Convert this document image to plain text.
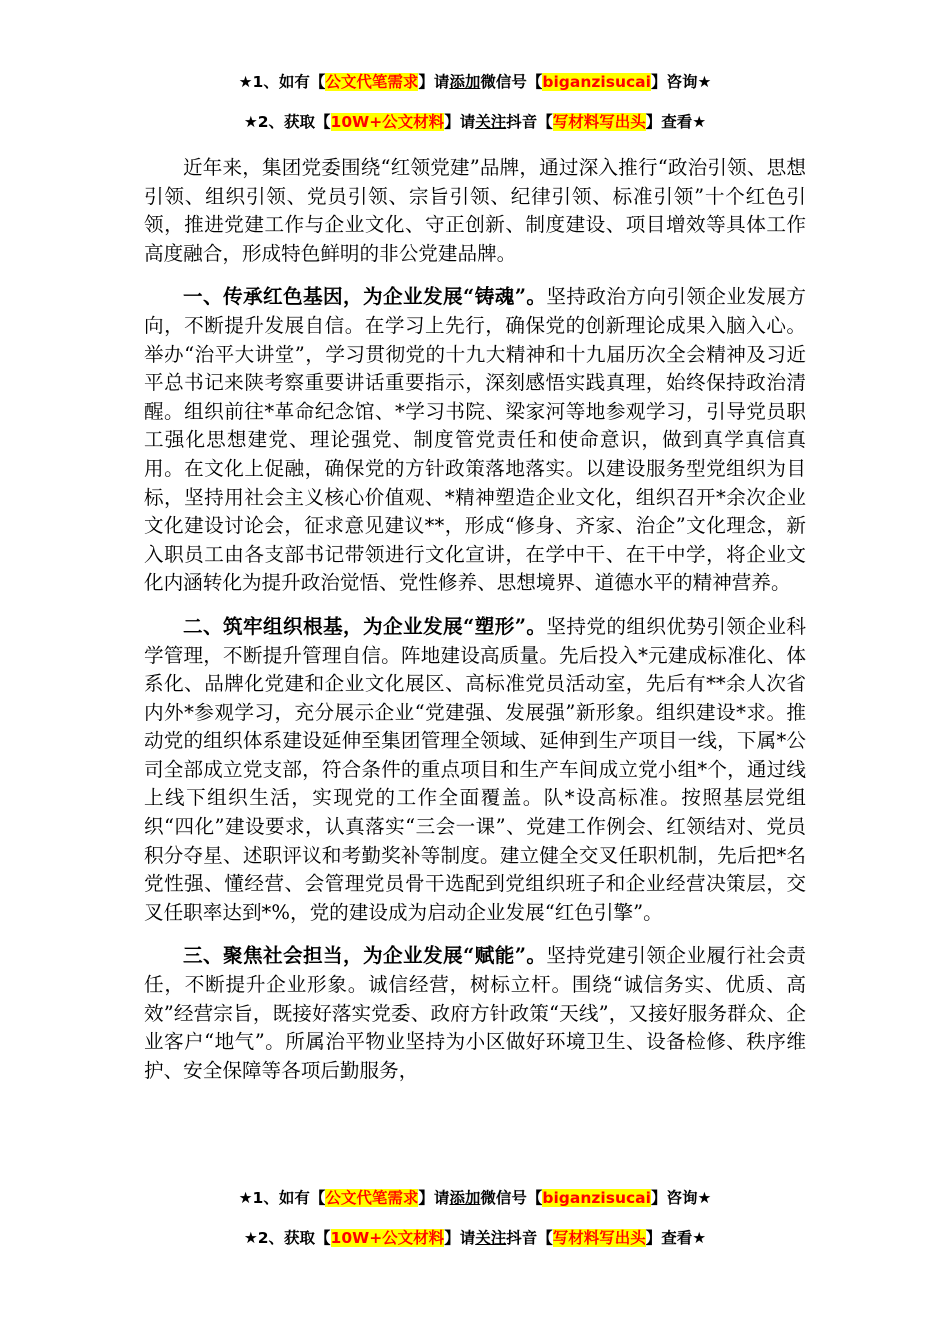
★1、如有【公文代笔需求】请添加微信号【biganzisucai】咨询★
★2、获取【10W+公文材料】请关注抖音【写材料写出头】查看★

近年来，集团党委围绕“红领党建”品牌，通过深入推行“政治引领、思想引领、组织引领、党员引领、宗旨引领、纪律引领、标准引领”十个红色引领，推进党建工作与企业文化、守正创新、制度建设、项目增效等具体工作高度融合，形成特色鲜明的非公党建品牌。

一、传承红色基因，为企业发展“铸魂”。坚持政治方向引领企业发展方向，不断提升发展自信。在学习上先行，确保党的创新理论成果入脑入心。举办“治平大讲堂”，学习贯彻党的十九大精神和十九届历次全会精神及习近平总书记来陕考察重要讲话重要指示，深刻感悟实践真理，始终保持政治清醒。组织前往*革命纪念馆、*学习书院、梁家河等地参观学习，引导党员职工强化思想建党、理论强党、制度管党责任和使命意识，做到真学真信真用。在文化上促融，确保党的方针政策落地落实。以建设服务型党组织为目标，坚持用社会主义核心价值观、*精神塑造企业文化，组织召开*余次企业文化建设讨论会，征求意见建议**，形成“修身、齐家、治企”文化理念，新入职员工由各支部书记带领进行文化宣讲，在学中干、在干中学，将企业文化内涵转化为提升政治觉悟、党性修养、思想境界、道德水平的精神营养。

二、筑牢组织根基，为企业发展“塑形”。坚持党的组织优势引领企业科学管理，不断提升管理自信。阵地建设高质量。先后投入*元建成标准化、体系化、品牌化党建和企业文化展区、高标准党员活动室，先后有**余人次省内外*参观学习，充分展示企业“党建强、发展强”新形象。组织建设*求。推动党的组织体系建设延伸至集团管理全领域、延伸到生产项目一线，下属*公司全部成立党支部，符合条件的重点项目和生产车间成立党小组*个，通过线上线下组织生活，实现党的工作全面覆盖。队*设高标准。按照基层党组织“四化”建设要求，认真落实“三会一课”、党建工作例会、红领结对、党员积分夺星、述职评议和考勤奖补等制度。建立健全交叉任职机制，先后把*名党性强、懂经营、会管理党员骨干选配到党组织班子和企业经营决策层，交叉任职率达到*%，党的建设成为启动企业发展“红色引擎”。

三、聚焦社会担当，为企业发展“赋能”。坚持党建引领企业履行社会责任，不断提升企业形象。诚信经营，树标立杆。围绕“诚信务实、优质、高效”经营宗旨，既接好落实党委、政府方针政策“天线”，又接好服务群众、企业客户“地气”。所属治平物业坚持为小区做好环境卫生、设备检修、秩序维护、安全保障等各项后勤服务，

★1、如有【公文代笔需求】请添加微信号【biganzisucai】咨询★
★2、获取【10W+公文材料】请关注抖音【写材料写出头】查看★
